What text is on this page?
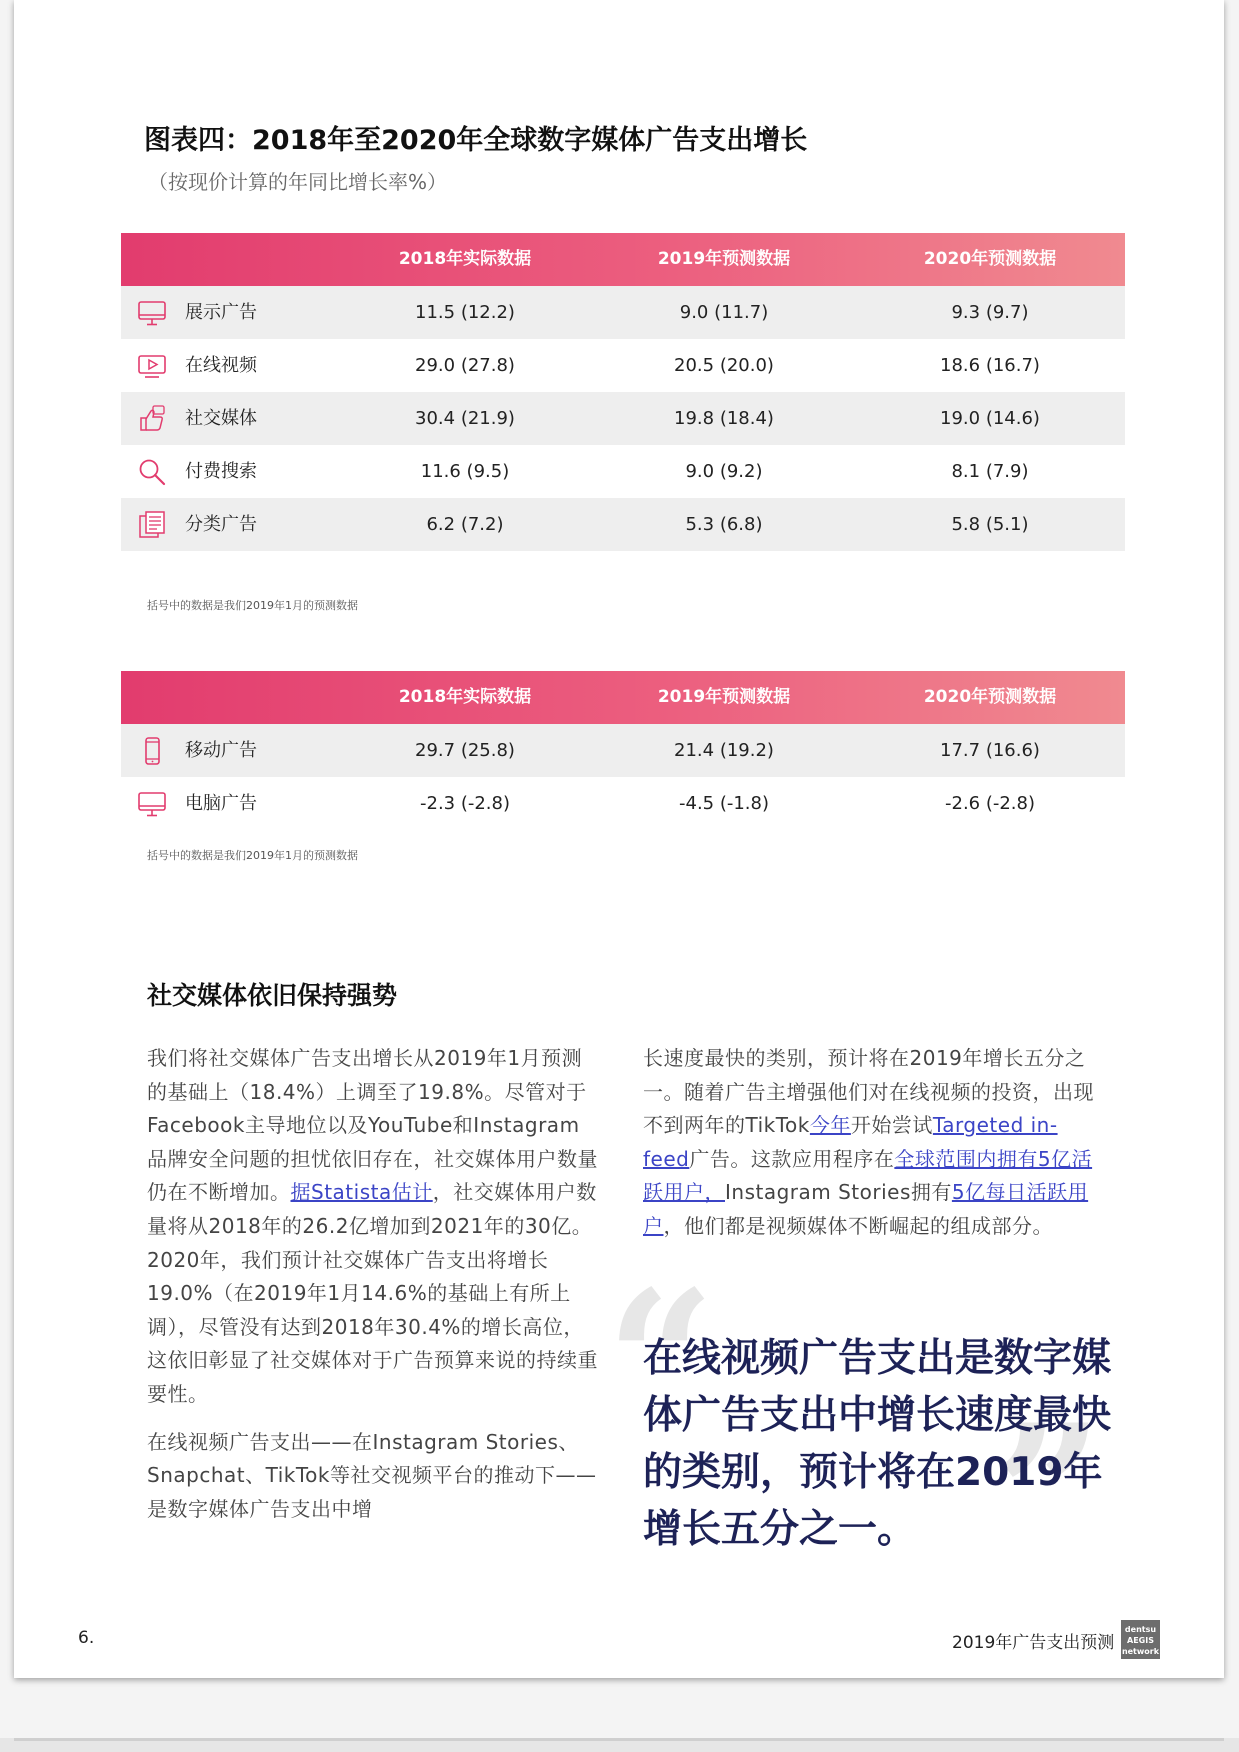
图表四：2018年至2020年全球数字媒体广告支出增长
（按现价计算的年同比增长率%）
2018年实际数据	2019年预测数据	2020年预测数据
展示广告	11.5 (12.2)	9.0 (11.7)	9.3 (9.7)
在线视频	29.0 (27.8)	20.5 (20.0)	18.6 (16.7)
社交媒体	30.4 (21.9)	19.8 (18.4)	19.0 (14.6)
付费搜索	11.6 (9.5)	9.0 (9.2)	8.1 (7.9)
分类广告	6.2 (7.2)	5.3 (6.8)	5.8 (5.1)
括号中的数据是我们2019年1月的预测数据
2018年实际数据	2019年预测数据	2020年预测数据
移动广告	29.7 (25.8)	21.4 (19.2)	17.7 (16.6)
电脑广告	-2.3 (-2.8)	-4.5 (-1.8)	-2.6 (-2.8)
括号中的数据是我们2019年1月的预测数据
社交媒体依旧保持强势

我们将社交媒体广告支出增长从2019年1月预测的基础上（18.4%）上调至了19.8%。尽管对于Facebook主导地位以及YouTube和Instagram品牌安全问题的担忧依旧存在，社交媒体用户数量仍在不断增加。据Statista估计，社交媒体用户数量将从2018年的26.2亿增加到2021年的30亿。2020年，我们预计社交媒体广告支出将增长19.0%（在2019年1月14.6%的基础上有所上调），尽管没有达到2018年30.4%的增长高位，这依旧彰显了社交媒体对于广告预算来说的持续重要性。

在线视频广告支出——在Instagram Stories、Snapchat、TikTok等社交视频平台的推动下——是数字媒体广告支出中增

长速度最快的类别，预计将在2019年增长五分之一。随着广告主增强他们对在线视频的投资，出现不到两年的TikTok今年开始尝试Targeted in-feed广告。这款应用程序在全球范围内拥有5亿活跃用户，Instagram Stories拥有5亿每日活跃用户，他们都是视频媒体不断崛起的组成部分。

“
”
在线视频广告支出是数字媒体广告支出中增长速度最快的类别，预计将在2019年增长五分之一。
6.	2019年广告支出预测
dentsu
AEGIS
network
